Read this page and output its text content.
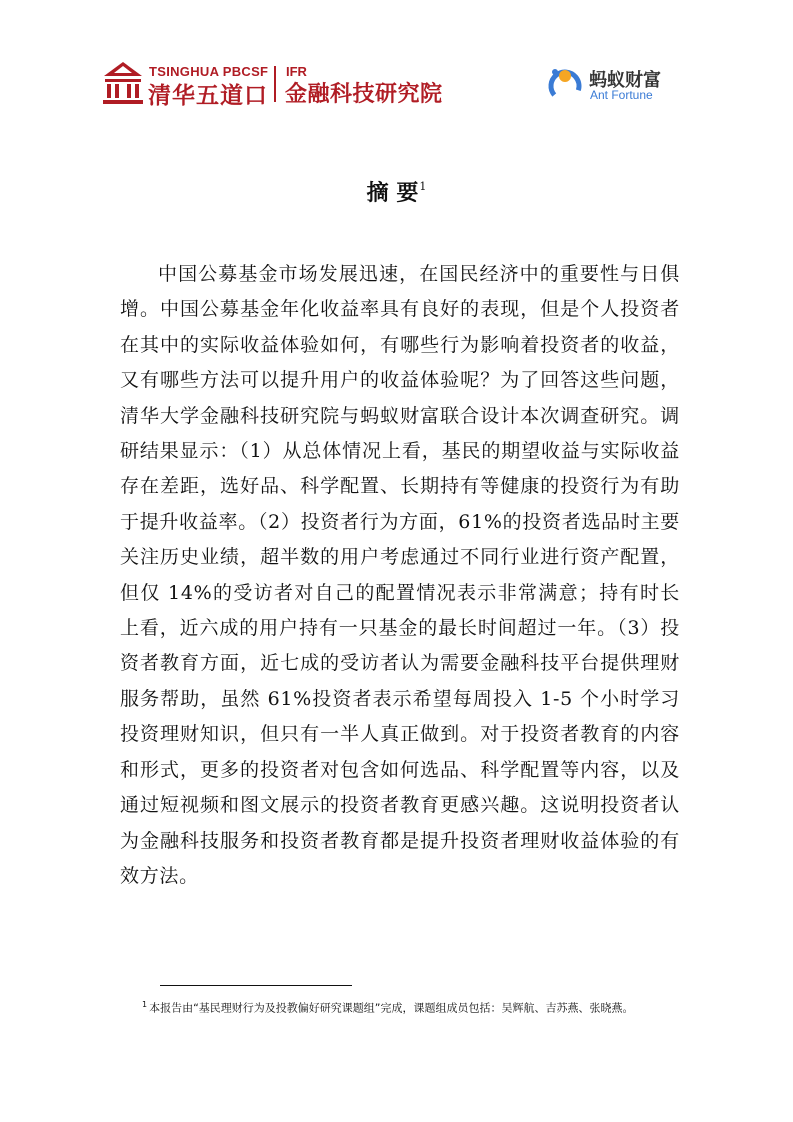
TSINGHUA PBCSF
清华五道口
IFR
金融科技研究院
蚂蚁财富
Ant Fortune
摘 要$^1$

中国公募基金市场发展迅速，在国民经济中的重要性与日俱增。中国公募基金年化收益率具有良好的表现，但是个人投资者在其中的实际收益体验如何，有哪些行为影响着投资者的收益，又有哪些方法可以提升用户的收益体验呢？为了回答这些问题，清华大学金融科技研究院与蚂蚁财富联合设计本次调查研究。调研结果显示：（1）从总体情况上看，基民的期望收益与实际收益存在差距，选好品、科学配置、长期持有等健康的投资行为有助于提升收益率。（2）投资者行为方面，61%的投资者选品时主要关注历史业绩，超半数的用户考虑通过不同行业进行资产配置，但仅 14%的受访者对自己的配置情况表示非常满意；持有时长上看，近六成的用户持有一只基金的最长时间超过一年。（3）投资者教育方面，近七成的受访者认为需要金融科技平台提供理财服务帮助，虽然 61%投资者表示希望每周投入 1-5 个小时学习投资理财知识，但只有一半人真正做到。对于投资者教育的内容和形式，更多的投资者对包含如何选品、科学配置等内容，以及通过短视频和图文展示的投资者教育更感兴趣。这说明投资者认为金融科技服务和投资者教育都是提升投资者理财收益体验的有效方法。

$^1$ 本报告由“基民理财行为及投教偏好研究课题组”完成，课题组成员包括：吴辉航、吉苏燕、张晓燕。
